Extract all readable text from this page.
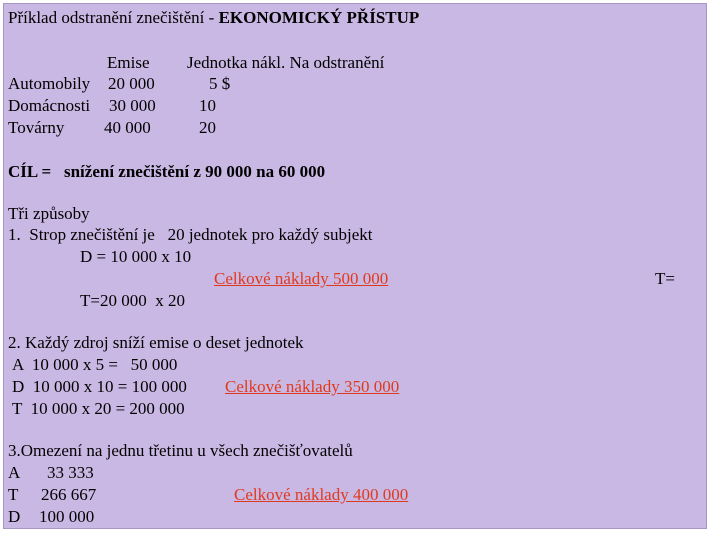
Příklad odstranění znečištění - EKONOMICKÝ PŘÍSTUP
Emise Jednotka nákl. Na odstranění
Automobily 20 000	5 $
Domácnosti 30 000	10
Továrny 40 000	20
CÍL = snížení znečištění z 90 000 na 60 000
Tři způsoby
1.  Strop znečištění je   20 jednotek pro každý subjekt
D = 10 000 x 10
Celkové náklady 500 000	T=
T=20 000  x 20
2. Každý zdroj sníží emise o deset jednotek
A  10 000 x 5 =   50 000
D  10 000 x 10 = 100 000 Celkové náklady 350 000
T  10 000 x 20 = 200 000
3.Omezení na jednu třetinu u všech znečišťovatelů
A 33 333
T 266 667	Celkové náklady 400 000
D 100 000
